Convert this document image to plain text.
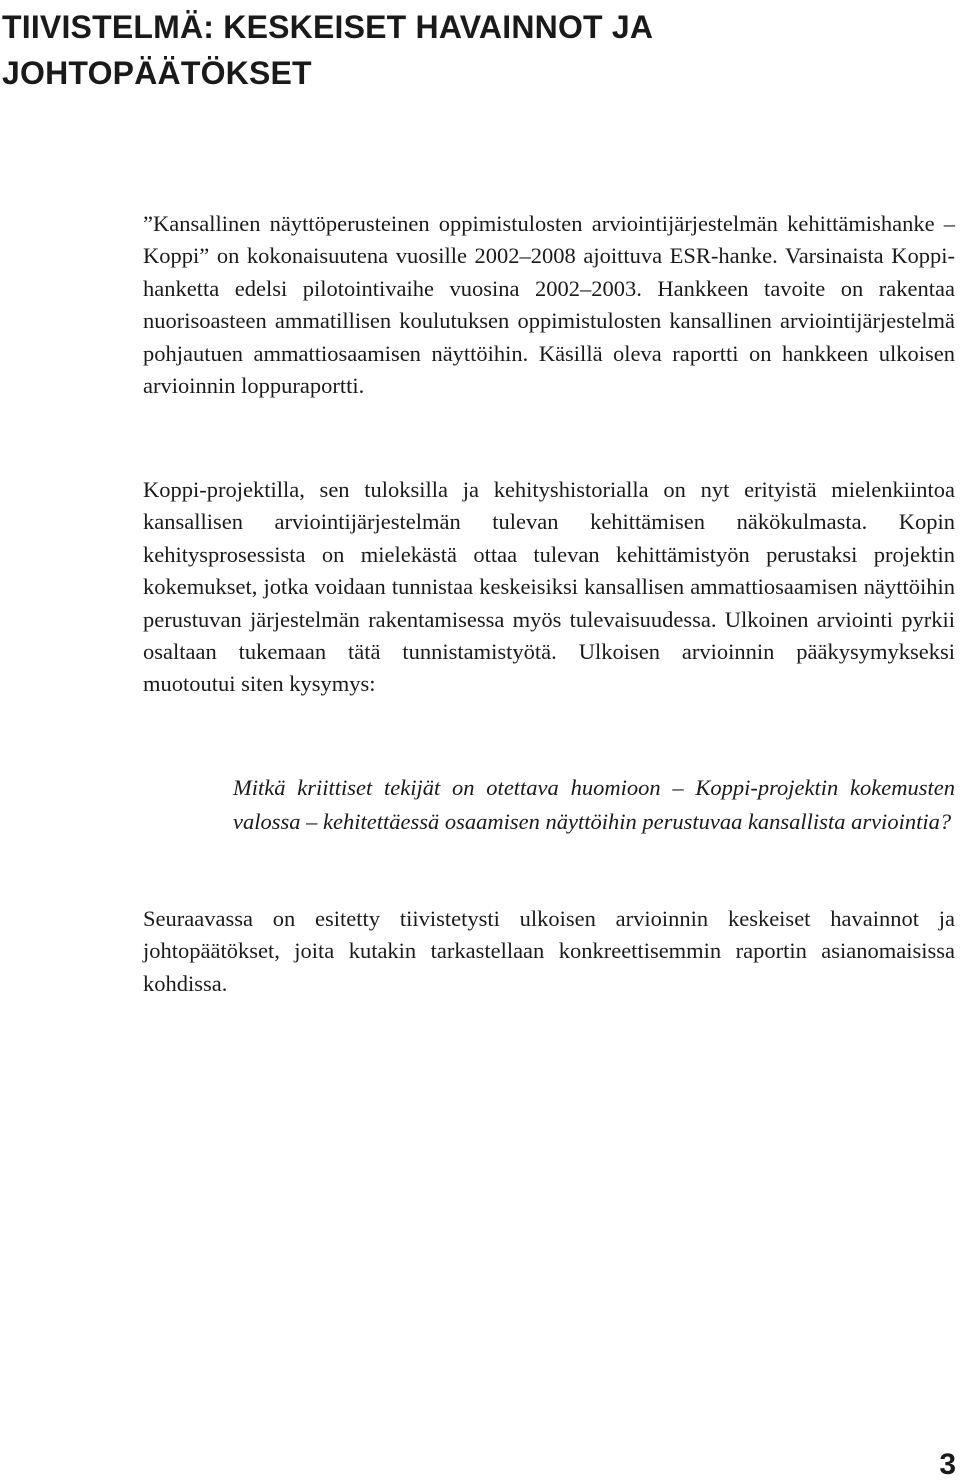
TIIVISTELMÄ: KESKEISET HAVAINNOT JA JOHTOPÄÄTÖKSET

”Kansallinen näyttöperusteinen oppimistulosten arviointijärjestelmän kehittämishanke – Koppi” on kokonaisuutena vuosille 2002–2008 ajoittuva ESR-hanke. Varsinaista Koppi-hanketta edelsi pilotointivaihe vuosina 2002–2003. Hankkeen tavoite on rakentaa nuorisoasteen ammatillisen koulutuksen oppimistulosten kansallinen arviointijärjestelmä pohjautuen ammattiosaamisen näyttöihin. Käsillä oleva raportti on hankkeen ulkoisen arvioinnin loppuraportti.

Koppi-projektilla, sen tuloksilla ja kehityshistorialla on nyt erityistä mielenkiintoa kansallisen arviointijärjestelmän tulevan kehittämisen näkökulmasta. Kopin kehitysprosessista on mielekästä ottaa tulevan kehittämistyön perustaksi projektin kokemukset, jotka voidaan tunnistaa keskeisiksi kansallisen ammattiosaamisen näyttöihin perustuvan järjestelmän rakentamisessa myös tulevaisuudessa. Ulkoinen arviointi pyrkii osaltaan tukemaan tätä tunnistamistyötä. Ulkoisen arvioinnin pääkysymykseksi muotoutui siten kysymys:

Mitkä kriittiset tekijät on otettava huomioon – Koppi-projektin kokemusten valossa – kehitettäessä osaamisen näyttöihin perustuvaa kansallista arviointia?

Seuraavassa on esitetty tiivistetysti ulkoisen arvioinnin keskeiset havainnot ja johtopäätökset, joita kutakin tarkastellaan konkreettisemmin raportin asianomaisissa kohdissa.

3
